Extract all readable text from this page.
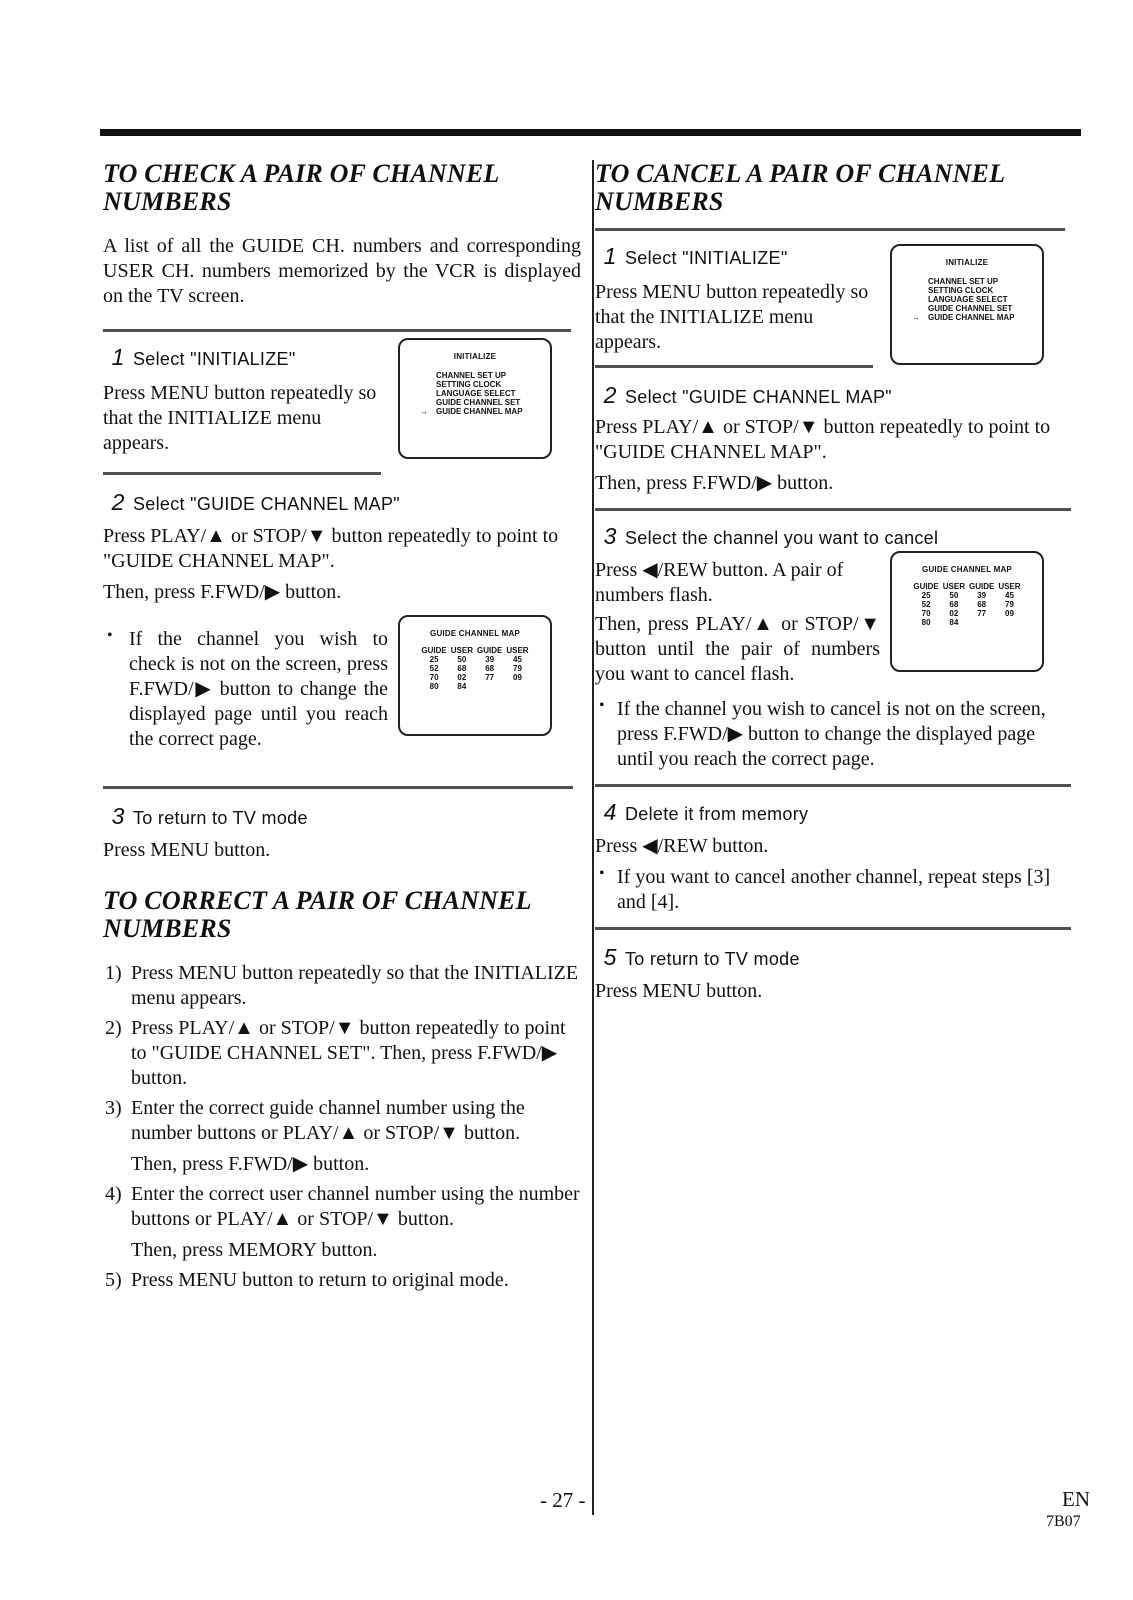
TO CHECK A PAIR OF CHANNEL NUMBERS

A list of all the GUIDE CH. numbers and corresponding USER CH. numbers memorized by the VCR is displayed on the TV screen.

1 Select "INITIALIZE"

Press MENU button repeatedly so that the INITIALIZE menu appears.

2 Select "GUIDE CHANNEL MAP"

Press PLAY/▲ or STOP/▼ button repeatedly to point to "GUIDE CHANNEL MAP".

Then, press F.FWD/▶ button.

• If the channel you wish to check is not on the screen, press F.FWD/▶ button to change the displayed page until you reach the correct page.

3 To return to TV mode

Press MENU button.

TO CORRECT A PAIR OF CHANNEL NUMBERS
1) Press MENU button repeatedly so that the INITIALIZE menu appears.
2) Press PLAY/▲ or STOP/▼ button repeatedly to point to "GUIDE CHANNEL SET". Then, press F.FWD/▶ button.
3) Enter the correct guide channel number using the number buttons or PLAY/▲ or STOP/▼ button.
Then, press F.FWD/▶ button.
4) Enter the correct user channel number using the number buttons or PLAY/▲ or STOP/▼ button.
Then, press MEMORY button.
5) Press MENU button to return to original mode.
INITIALIZE
CHANNEL SET UP
SETTING CLOCK
LANGUAGE SELECT
GUIDE CHANNEL SET
→ GUIDE CHANNEL MAP
GUIDE CHANNEL MAP
GUIDE	USER	GUIDE	USER
25	50	39	45
52	68	68	79
70	02	77	09
80	84		
TO CANCEL A PAIR OF CHANNEL NUMBERS
1 Select "INITIALIZE"

Press MENU button repeatedly so that the INITIALIZE menu appears.

2 Select "GUIDE CHANNEL MAP"

Press PLAY/▲ or STOP/▼ button repeatedly to point to "GUIDE CHANNEL MAP".

Then, press F.FWD/▶ button.

3 Select the channel you want to cancel

Press ◀/REW button. A pair of numbers flash.

Then, press PLAY/▲ or STOP/▼ button until the pair of numbers you want to cancel flash.

• If the channel you wish to cancel is not on the screen, press F.FWD/▶ button to change the displayed page until you reach the correct page.

4 Delete it from memory

Press ◀/REW button.

• If you want to cancel another channel, repeat steps [3] and [4].

5 To return to TV mode

Press MENU button.

INITIALIZE
CHANNEL SET UP
SETTING CLOCK
LANGUAGE SELECT
GUIDE CHANNEL SET
→ GUIDE CHANNEL MAP
GUIDE CHANNEL MAP
GUIDE	USER	GUIDE	USER
25	50	39	45
52	68	68	79
70	02	77	09
80	84		
- 27 -	EN
7B07
